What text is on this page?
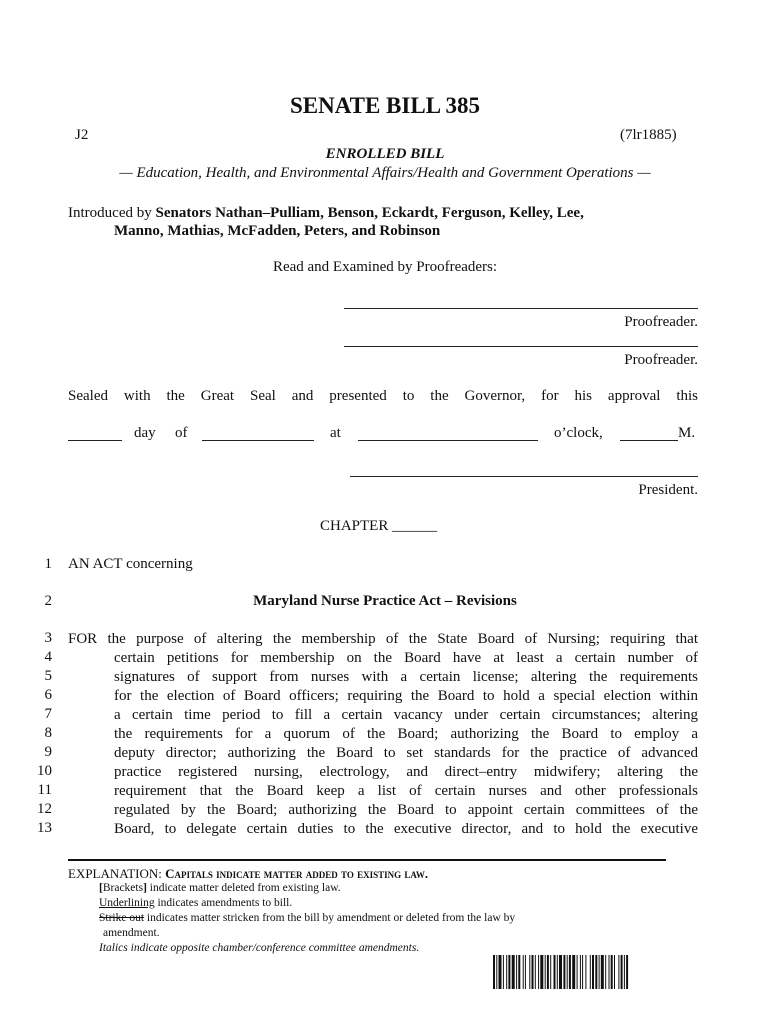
SENATE BILL 385
J2	(7lr1885)
ENROLLED BILL
— Education, Health, and Environmental Affairs/Health and Government Operations —
Introduced by Senators Nathan–Pulliam, Benson, Eckardt, Ferguson, Kelley, Lee,
Manno, Mathias, McFadden, Peters, and Robinson
Read and Examined by Proofreaders:
Proofreader.
Proofreader.
Sealed with the Great Seal and presented to the Governor, for his approval this
day of	at	o’clock,	M.
President.
CHAPTER ______
1 AN ACT concerning
2	Maryland Nurse Practice Act – Revisions
3 FOR the purpose of altering the membership of the State Board of Nursing; requiring that
4	certain petitions for membership on the Board have at least a certain number of
5	signatures of support from nurses with a certain license; altering the requirements
6	for the election of Board officers; requiring the Board to hold a special election within
7	a certain time period to fill a certain vacancy under certain circumstances; altering
8	the requirements for a quorum of the Board; authorizing the Board to employ a
9	deputy director; authorizing the Board to set standards for the practice of advanced
10	practice registered nursing, electrology, and direct–entry midwifery; altering the
11	requirement that the Board keep a list of certain nurses and other professionals
12	regulated by the Board; authorizing the Board to appoint certain committees of the
13	Board, to delegate certain duties to the executive director, and to hold the executive
EXPLANATION: Capitals indicate matter added to existing law.
[Brackets] indicate matter deleted from existing law.
Underlining indicates amendments to bill.
Strike out indicates matter stricken from the bill by amendment or deleted from the law by
amendment.
Italics indicate opposite chamber/conference committee amendments.
